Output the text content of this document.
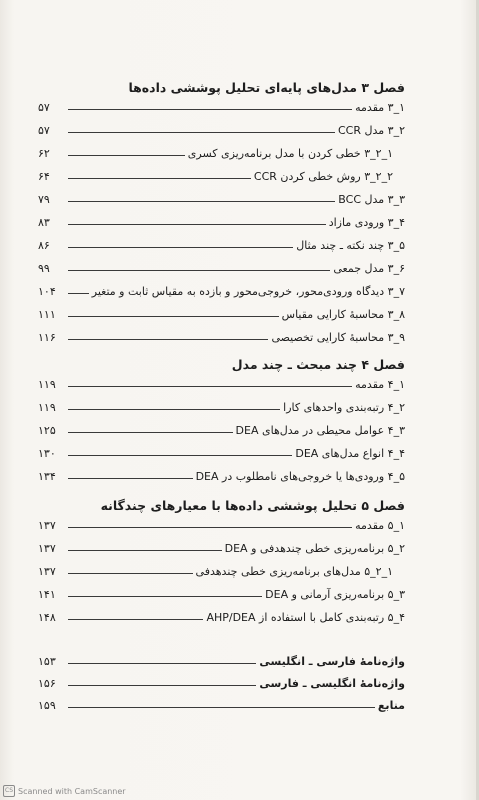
فصل ۳ مدل‌های پایه‌ای تحلیل پوششی داده‌ها
۱_۳ مقدمه
۵۷
۲_۳ مدل CCR
۵۷
۱_۲_۳ خطی کردن با مدل برنامه‌ریزی کسری
۶۲
۲_۲_۳ روش خطی کردن CCR
۶۴
۳_۳ مدل BCC
۷۹
۴_۳ ورودی مازاد
۸۳
۵_۳ چند نکته ـ چند مثال
۸۶
۶_۳ مدل جمعی
۹۹
۷_۳ دیدگاه ورودی‌محور، خروجی‌محور و بازده به مقیاس ثابت و متغیر
۱۰۴
۸_۳ محاسبهٔ کارایی مقیاس
۱۱۱
۹_۳ محاسبهٔ کارایی تخصیصی
۱۱۶
فصل ۴ چند مبحث ـ چند مدل
۱_۴ مقدمه
۱۱۹
۲_۴ رتبه‌بندی واحدهای کارا
۱۱۹
۳_۴ عوامل محیطی در مدل‌های DEA
۱۲۵
۴_۴ انواع مدل‌های DEA
۱۳۰
۵_۴ ورودی‌ها یا خروجی‌های نامطلوب در DEA
۱۳۴
فصل ۵ تحلیل پوششی داده‌ها با معیارهای چندگانه
۱_۵ مقدمه
۱۳۷
۲_۵ برنامه‌ریزی خطی چندهدفی و DEA
۱۳۷
۱_۲_۵ مدل‌های برنامه‌ریزی خطی چندهدفی
۱۳۷
۳_۵ برنامه‌ریزی آرمانی و DEA
۱۴۱
۴_۵ رتبه‌بندی کامل با استفاده از AHP/DEA
۱۴۸
واژه‌نامهٔ فارسی ـ انگلیسی
۱۵۳
واژه‌نامهٔ انگلیسی ـ فارسی
۱۵۶
منابع
۱۵۹
CS Scanned with CamScanner
